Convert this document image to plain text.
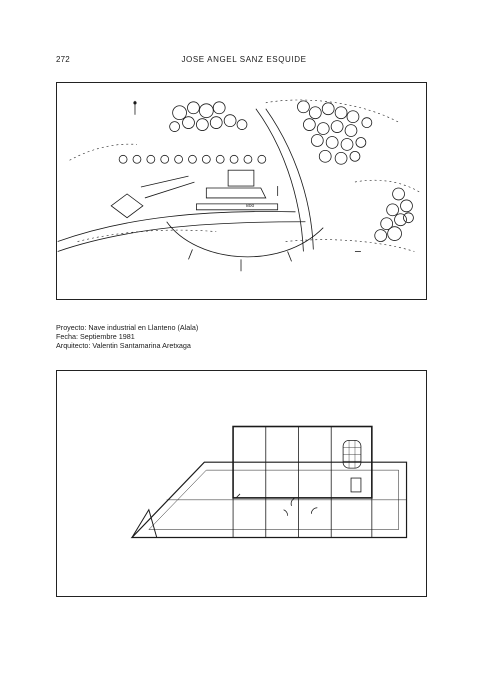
272	JOSE ANGEL SANZ ESQUIDE
800
Proyecto: Nave industrial en Llanteno (Alala)
Fecha: Septiembre 1981
Arquitecto: Valentin Santamarina Aretxaga
